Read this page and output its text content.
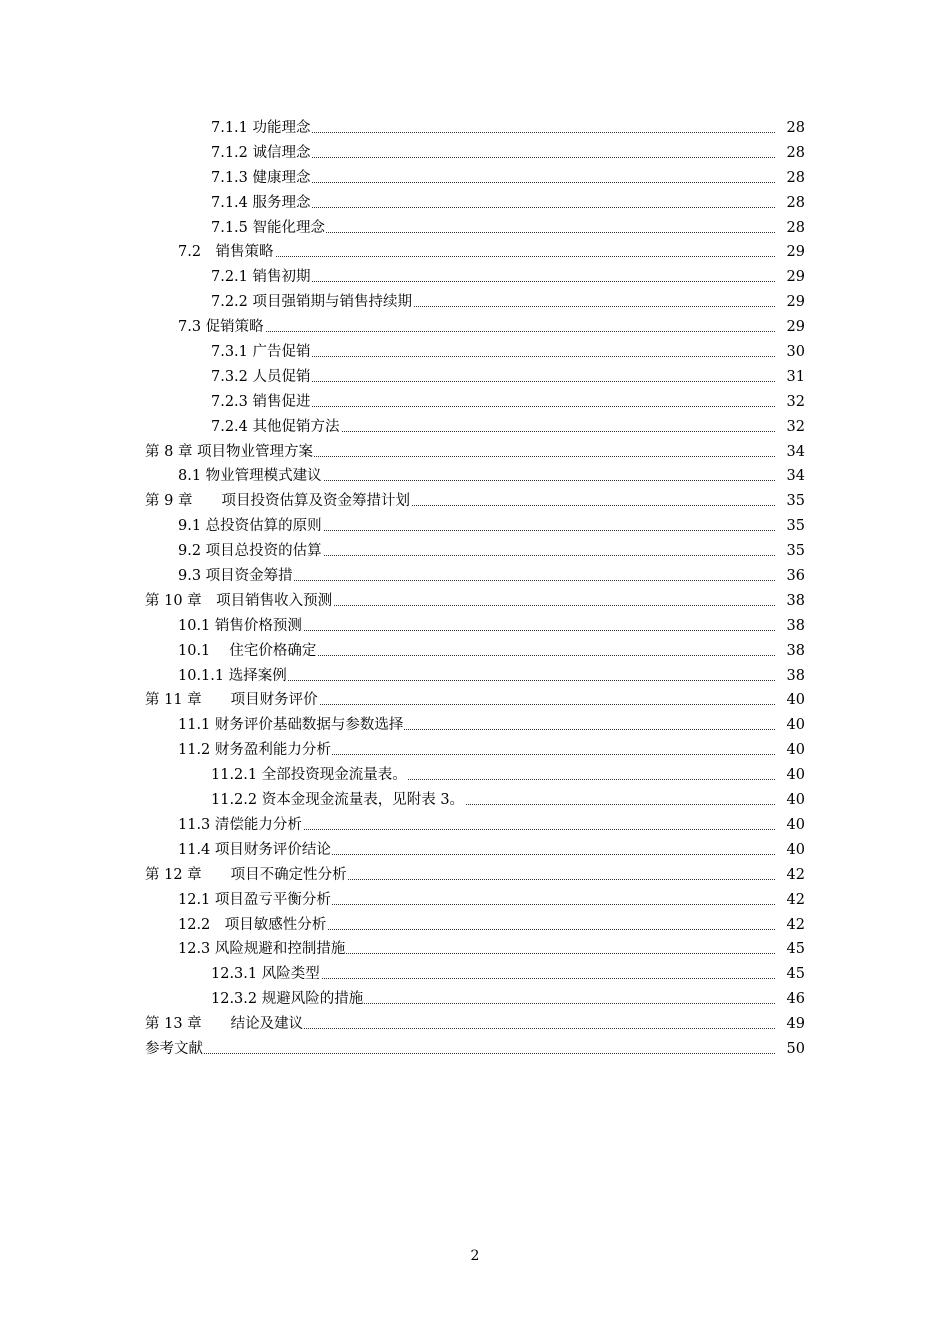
7.1.1 功能理念	28
7.1.2 诚信理念	28
7.1.3 健康理念	28
7.1.4 服务理念	28
7.1.5 智能化理念	28
7.2　销售策略	29
7.2.1 销售初期	29
7.2.2 项目强销期与销售持续期	29
7.3 促销策略	29
7.3.1 广告促销	30
7.3.2 人员促销	31
7.2.3 销售促进	32
7.2.4 其他促销方法	32
第 8 章 项目物业管理方案	34
8.1 物业管理模式建议	34
第 9 章　　项目投资估算及资金筹措计划	35
9.1 总投资估算的原则	35
9.2 项目总投资的估算	35
9.3 项目资金筹措	36
第 10 章　项目销售收入预测	38
10.1 销售价格预测	38
10.1　 住宅价格确定	38
10.1.1 选择案例	38
第 11 章　　项目财务评价	40
11.1 财务评价基础数据与参数选择	40
11.2 财务盈利能力分析	40
11.2.1 全部投资现金流量表。	40
11.2.2 资本金现金流量表，见附表 3。	40
11.3 清偿能力分析	40
11.4 项目财务评价结论	40
第 12 章　　项目不确定性分析	42
12.1 项目盈亏平衡分析	42
12.2　项目敏感性分析	42
12.3 风险规避和控制措施	45
12.3.1 风险类型	45
12.3.2 规避风险的措施	46
第 13 章　　结论及建议	49
参考文献	50
2
